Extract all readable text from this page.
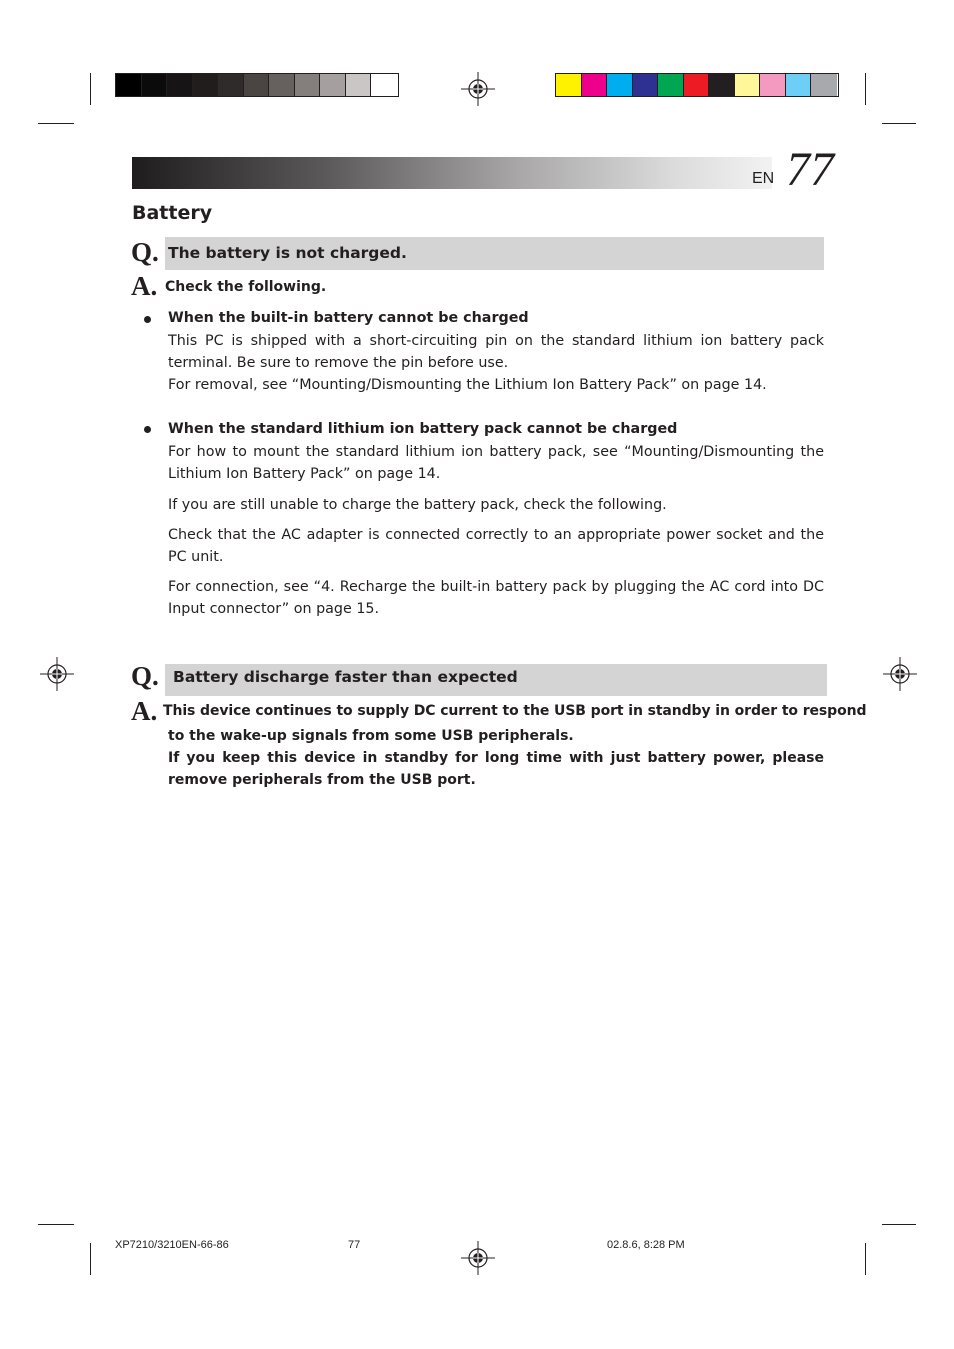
EN 77
Battery
Q. The battery is not charged.
A. Check the following.
When the built-in battery cannot be charged

This PC is shipped with a short-circuiting pin on the standard lithium ion battery pack terminal. Be sure to remove the pin before use.

For removal, see “Mounting/Dismounting the Lithium Ion Battery Pack” on page 14.

When the standard lithium ion battery pack cannot be charged

For how to mount the standard lithium ion battery pack, see “Mounting/Dismounting the Lithium Ion Battery Pack” on page 14.

If you are still unable to charge the battery pack, check the following.

Check that the AC adapter is connected correctly to an appropriate power socket and the PC unit.

For connection, see “4. Recharge the built-in battery pack by plugging the AC cord into DC Input connector” on page 15.

Q. Battery discharge faster than expected
A. This device continues to supply DC current to the USB port in standby in order to respond

to the wake-up signals from some USB peripherals.

If you keep this device in standby for long time with just battery power, please remove peripherals from the USB port.

XP7210/3210EN-66-86	77	02.8.6, 8:28 PM
